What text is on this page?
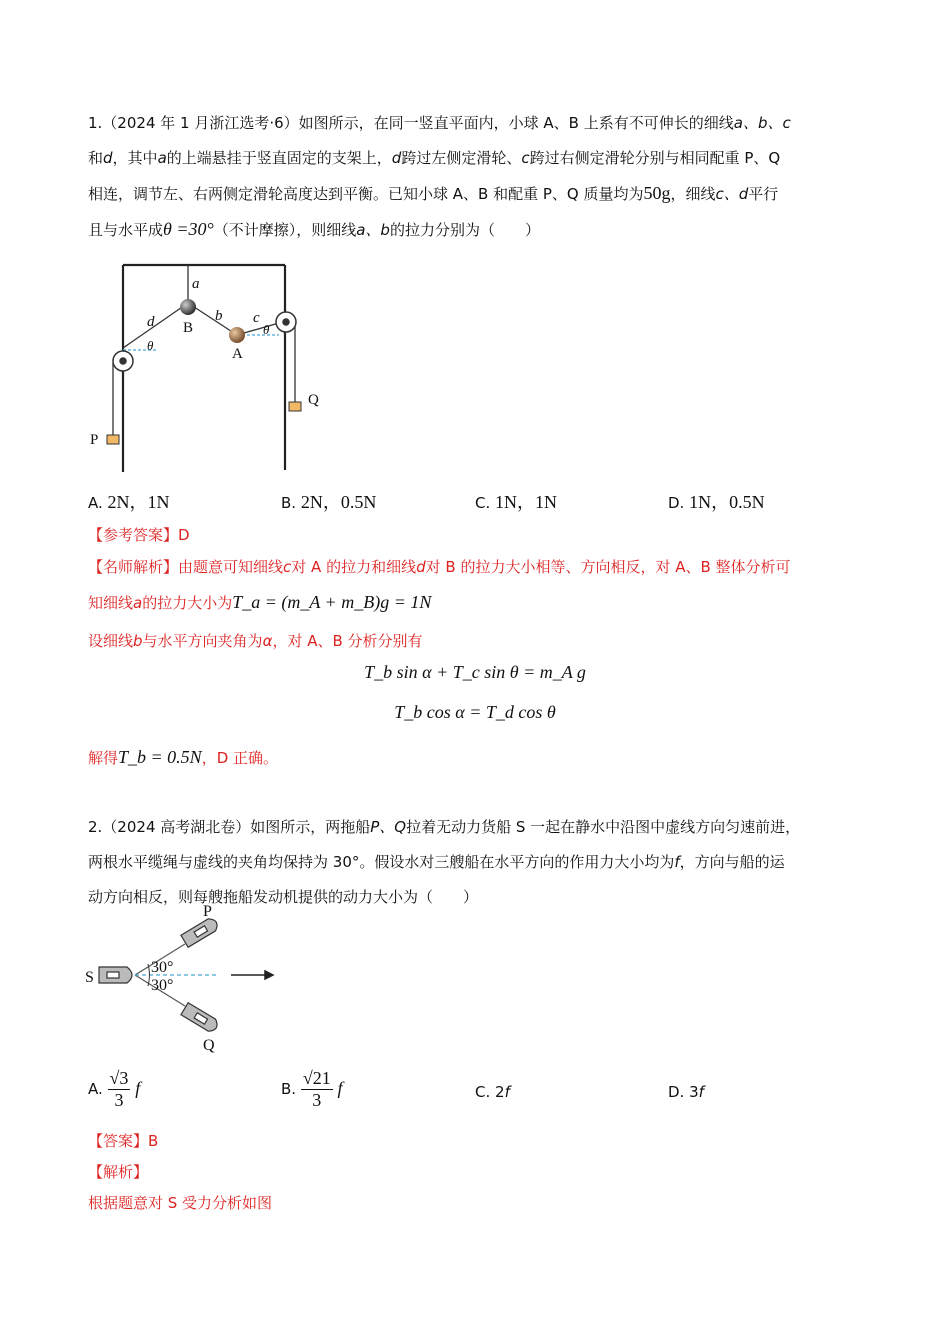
1.（2024 年 1 月浙江选考·6）如图所示，在同一竖直平面内，小球 A、B 上系有不可伸长的细线a、b、c
和d，其中a的上端悬挂于竖直固定的支架上，d跨过左侧定滑轮、c跨过右侧定滑轮分别与相同配重 P、Q
相连，调节左、右两侧定滑轮高度达到平衡。已知小球 A、B 和配重 P、Q 质量均为50g，细线c、d平行
且与水平成θ =30°（不计摩擦），则细线a、b的拉力分别为（　　）
a
d B
b c
A
θ
θ
P
Q
A. 2N，1N	B. 2N，0.5N	C. 1N，1N	D. 1N，0.5N
【参考答案】D
【名师解析】由题意可知细线c对 A 的拉力和细线d对 B 的拉力大小相等、方向相反，对 A、B 整体分析可
知细线a的拉力大小为T_a = (m_A + m_B)g = 1N
设细线b与水平方向夹角为α，对 A、B 分析分别有
T_b sin α + T_c sin θ = m_A g
T_b cos α = T_d cos θ
解得T_b = 0.5N，D 正确。
2.（2024 高考湖北卷）如图所示，两拖船P、Q拉着无动力货船 S 一起在静水中沿图中虚线方向匀速前进，
两根水平缆绳与虚线的夹角均保持为 30°。假设水对三艘船在水平方向的作用力大小均为f，方向与船的运
动方向相反，则每艘拖船发动机提供的动力大小为（　　）
P
Q
S
30°
30°
A. $\frac{√3}{3}$ f	B. $\frac{√21}{3}$ f	C. 2f	D. 3f
【答案】B
【解析】
根据题意对 S 受力分析如图
